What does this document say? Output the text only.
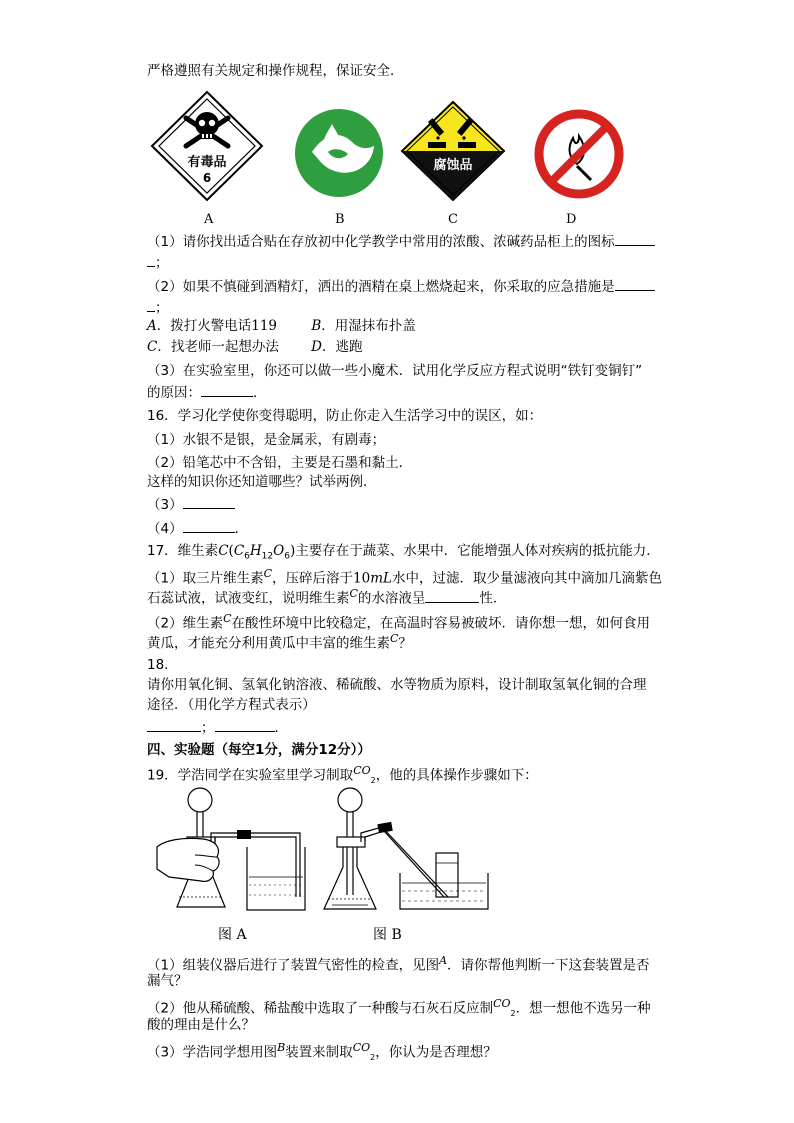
严格遵照有关规定和操作规程，保证安全．
有毒品
6
腐蚀品
A	B	C	D
（1）请你找出适合贴在存放初中化学教学中常用的浓酸、浓碱药品柜上的图标
；
（2）如果不慎碰到酒精灯，洒出的酒精在桌上燃烧起来，你采取的应急措施是
；
A．拨打火警电话119	B．用湿抹布扑盖
C．找老师一起想办法 D．逃跑
（3）在实验室里，你还可以做一些小魔术．试用化学反应方程式说明“铁钉变铜钉”
的原因：	．
16．学习化学使你变得聪明，防止你走入生活学习中的误区，如：
（1）水银不是银，是金属汞，有剧毒；
（2）铅笔芯中不含铅，主要是石墨和黏土．
这样的知识你还知道哪些？试举两例．
（3）
（4）	．
17．维生素$C(C_6H_{12}O_6)$主要存在于蔬菜、水果中．它能增强人体对疾病的抵抗能力．
（1）取三片维生素$^C$，压碎后溶于10mL水中，过滤．取少量滤液向其中滴加几滴紫色
石蕊试液，试液变红，说明维生素$^C$的水溶液呈	性．
（2）维生素$^C$在酸性环境中比较稳定，在高温时容易被破坏．请你想一想，如何食用
黄瓜，才能充分利用黄瓜中丰富的维生素$^C$？
18．
请你用氧化铜、氢氧化钠溶液、稀硫酸、水等物质为原料，设计制取氢氧化铜的合理
途径．（用化学方程式表示）
；	．
四、实验题（每空1分，满分12分））
19．学浩同学在实验室里学习制取$^{CO}_2$，他的具体操作步骤如下：
图 A	图 B
（1）组装仪器后进行了装置气密性的检查，见图$^A$．请你帮他判断一下这套装置是否
漏气？
（2）他从稀硫酸、稀盐酸中选取了一种酸与石灰石反应制$^{CO}_2$．想一想他不选另一种
酸的理由是什么？
（3）学浩同学想用图$^B$装置来制取$^{CO}_2$，你认为是否理想？
